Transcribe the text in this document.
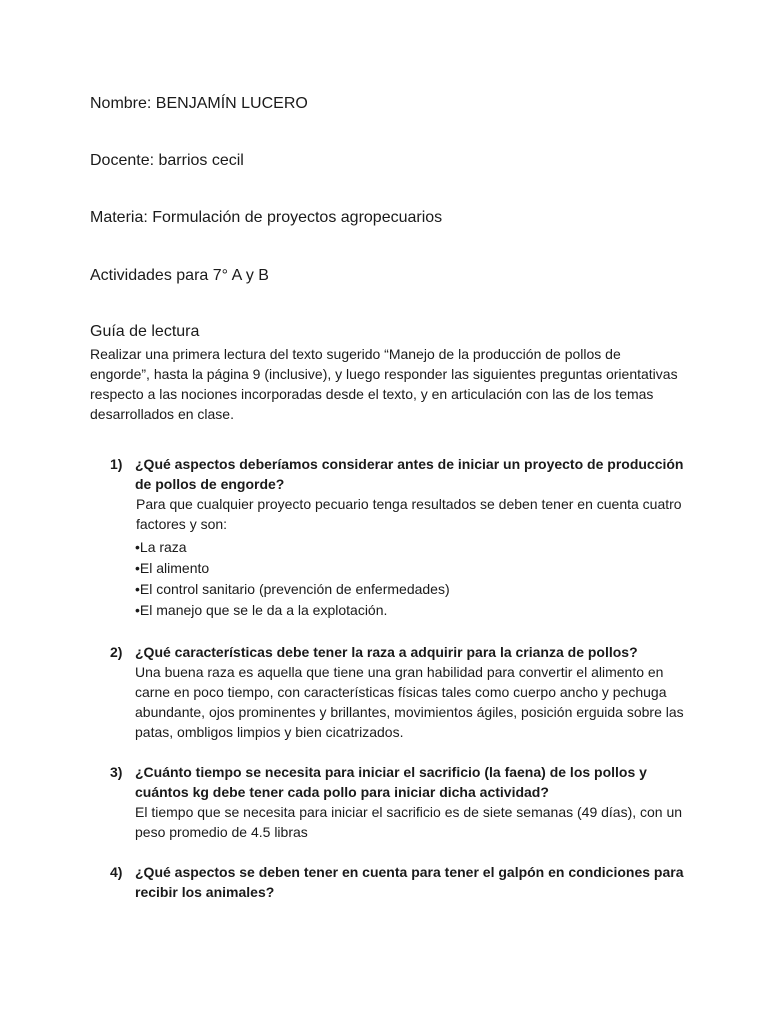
Nombre: BENJAMÍN LUCERO
Docente: barrios cecil
Materia: Formulación de proyectos agropecuarios
Actividades para 7° A y B
Guía de lectura
Realizar una primera lectura del texto sugerido “Manejo de la producción de pollos de engorde”, hasta la página 9 (inclusive), y luego responder las siguientes preguntas orientativas respecto a las nociones incorporadas desde el texto, y en articulación con las de los temas desarrollados en clase.
1) ¿Qué aspectos deberíamos considerar antes de iniciar un proyecto de producción de pollos de engorde?
Para que cualquier proyecto pecuario tenga resultados se deben tener en cuenta cuatro factores y son:
•La raza
•El alimento
•El control sanitario (prevención de enfermedades)
•El manejo que se le da a la explotación.
2) ¿Qué características debe tener la raza a adquirir para la crianza de pollos?
Una buena raza es aquella que tiene una gran habilidad para convertir el alimento en carne en poco tiempo, con características físicas tales como cuerpo ancho y pechuga abundante, ojos prominentes y brillantes, movimientos ágiles, posición erguida sobre las patas, ombligos limpios y bien cicatrizados.
3) ¿Cuánto tiempo se necesita para iniciar el sacrificio (la faena) de los pollos y cuántos kg debe tener cada pollo para iniciar dicha actividad?
El tiempo que se necesita para iniciar el sacrificio es de siete semanas (49 días), con un peso promedio de 4.5 libras
4) ¿Qué aspectos se deben tener en cuenta para tener el galpón en condiciones para recibir los animales?
